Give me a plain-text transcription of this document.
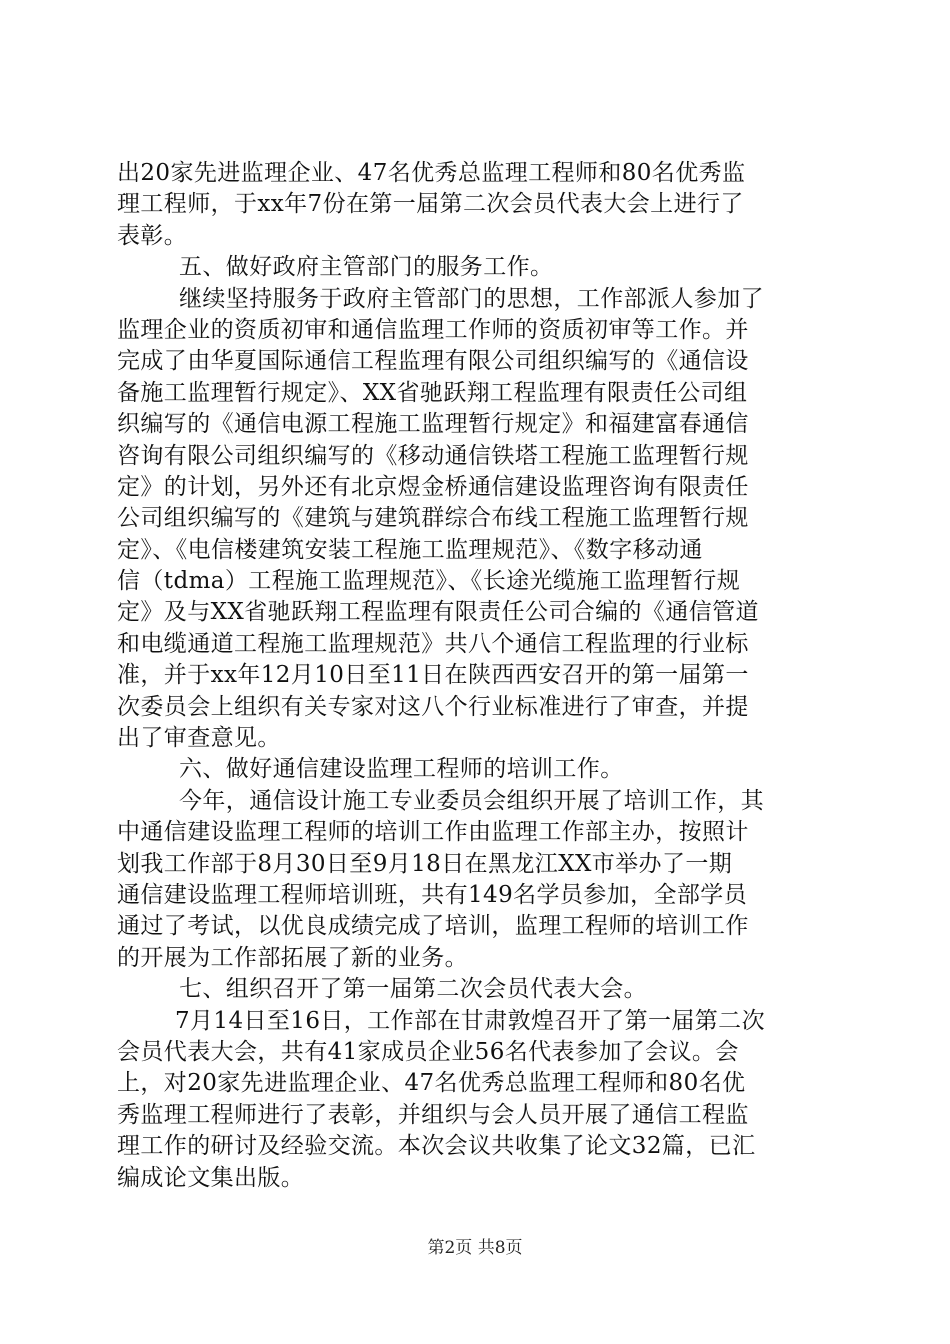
出20家先进监理企业、47名优秀总监理工程师和80名优秀监
理工程师，于xx年7份在第一届第二次会员代表大会上进行了
表彰。
五、做好政府主管部门的服务工作。
继续坚持服务于政府主管部门的思想，工作部派人参加了
监理企业的资质初审和通信监理工作师的资质初审等工作。并
完成了由华夏国际通信工程监理有限公司组织编写的《通信设
备施工监理暂行规定》、XX省驰跃翔工程监理有限责任公司组
织编写的《通信电源工程施工监理暂行规定》和福建富春通信
咨询有限公司组织编写的《移动通信铁塔工程施工监理暂行规
定》的计划，另外还有北京煜金桥通信建设监理咨询有限责任
公司组织编写的《建筑与建筑群综合布线工程施工监理暂行规
定》、《电信楼建筑安装工程施工监理规范》、《数字移动通
信（tdma）工程施工监理规范》、《长途光缆施工监理暂行规
定》及与XX省驰跃翔工程监理有限责任公司合编的《通信管道
和电缆通道工程施工监理规范》共八个通信工程监理的行业标
准，并于xx年12月10日至11日在陕西西安召开的第一届第一
次委员会上组织有关专家对这八个行业标准进行了审查，并提
出了审查意见。
六、做好通信建设监理工程师的培训工作。
今年，通信设计施工专业委员会组织开展了培训工作，其
中通信建设监理工程师的培训工作由监理工作部主办，按照计
划我工作部于8月30日至9月18日在黑龙江XX市举办了一期
通信建设监理工程师培训班，共有149名学员参加，全部学员
通过了考试，以优良成绩完成了培训，监理工程师的培训工作
的开展为工作部拓展了新的业务。
七、组织召开了第一届第二次会员代表大会。
7月14日至16日，工作部在甘肃敦煌召开了第一届第二次
会员代表大会，共有41家成员企业56名代表参加了会议。会
上，对20家先进监理企业、47名优秀总监理工程师和80名优
秀监理工程师进行了表彰，并组织与会人员开展了通信工程监
理工作的研讨及经验交流。本次会议共收集了论文32篇，已汇
编成论文集出版。
第2页 共8页
